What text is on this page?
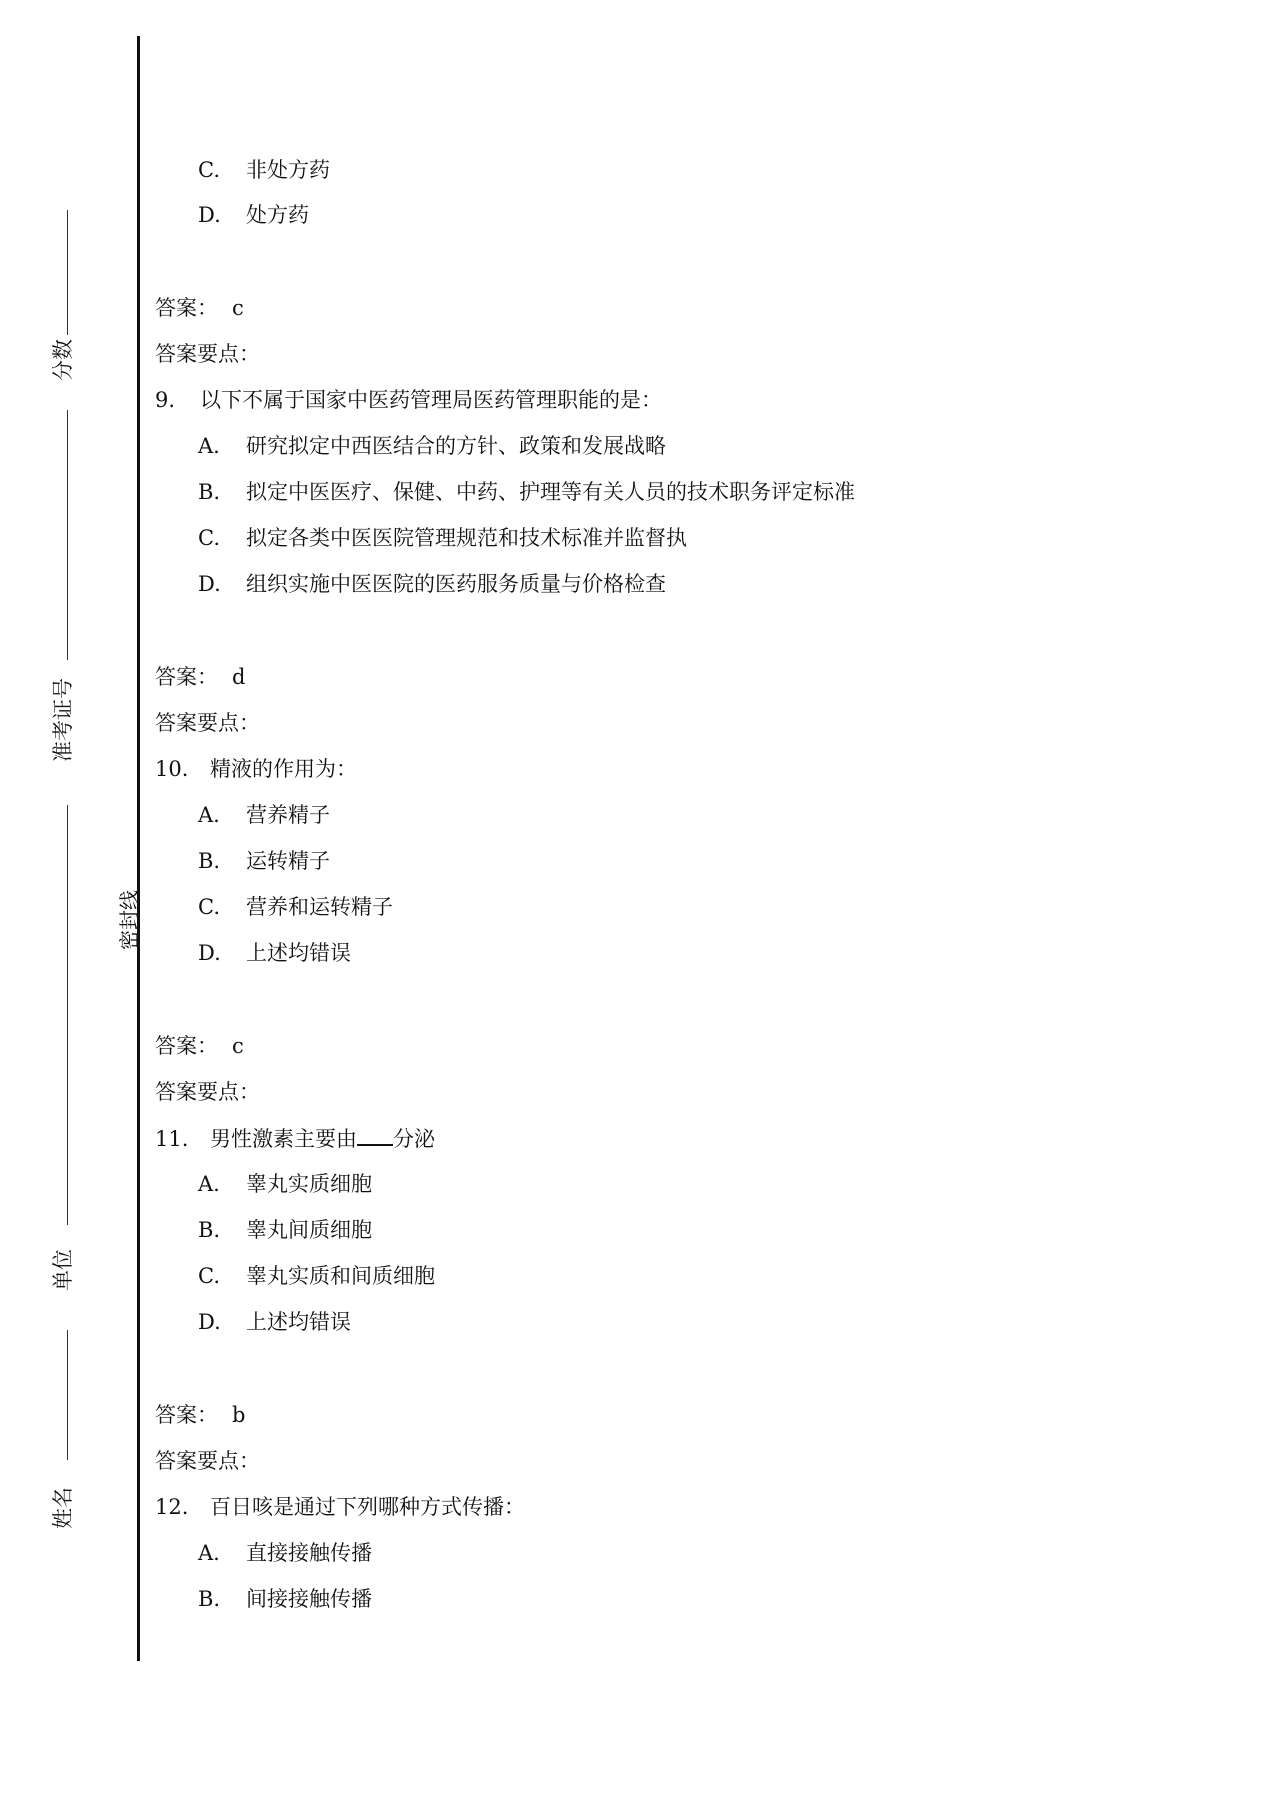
分数
准考证号
单位
姓名
密封线
C. 非处方药
D. 处方药
答案： c
答案要点：
9. 以下不属于国家中医药管理局医药管理职能的是：
A. 研究拟定中西医结合的方针、政策和发展战略
B. 拟定中医医疗、保健、中药、护理等有关人员的技术职务评定标准
C. 拟定各类中医医院管理规范和技术标准并监督执
D. 组织实施中医医院的医药服务质量与价格检查
答案： d
答案要点：
10. 精液的作用为：
A. 营养精子
B. 运转精子
C. 营养和运转精子
D. 上述均错误
答案： c
答案要点：
11. 男性激素主要由 分泌
A. 睾丸实质细胞
B. 睾丸间质细胞
C. 睾丸实质和间质细胞
D. 上述均错误
答案： b
答案要点：
12. 百日咳是通过下列哪种方式传播：
A. 直接接触传播
B. 间接接触传播
